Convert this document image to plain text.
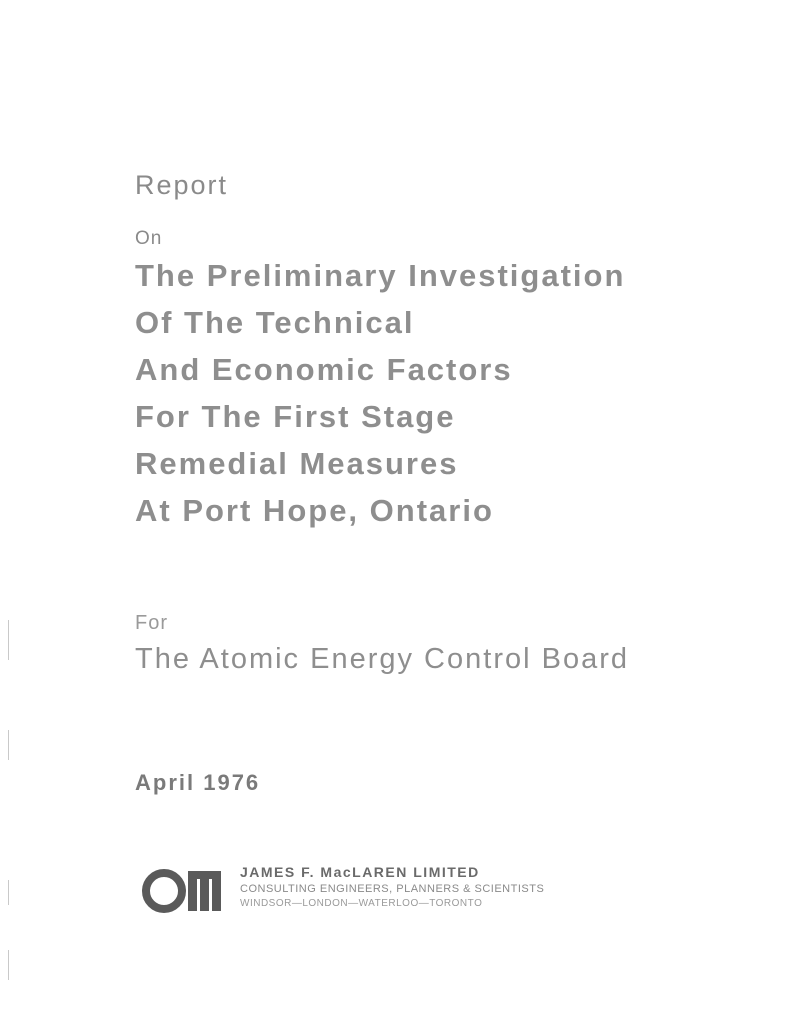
Report
On
The Preliminary Investigation
Of The Technical
And Economic Factors
For The First Stage
Remedial Measures
At Port Hope, Ontario
For
The Atomic Energy Control Board
April 1976
JAMES F. MacLAREN LIMITED
CONSULTING ENGINEERS, PLANNERS & SCIENTISTS
WINDSOR—LONDON—WATERLOO—TORONTO
